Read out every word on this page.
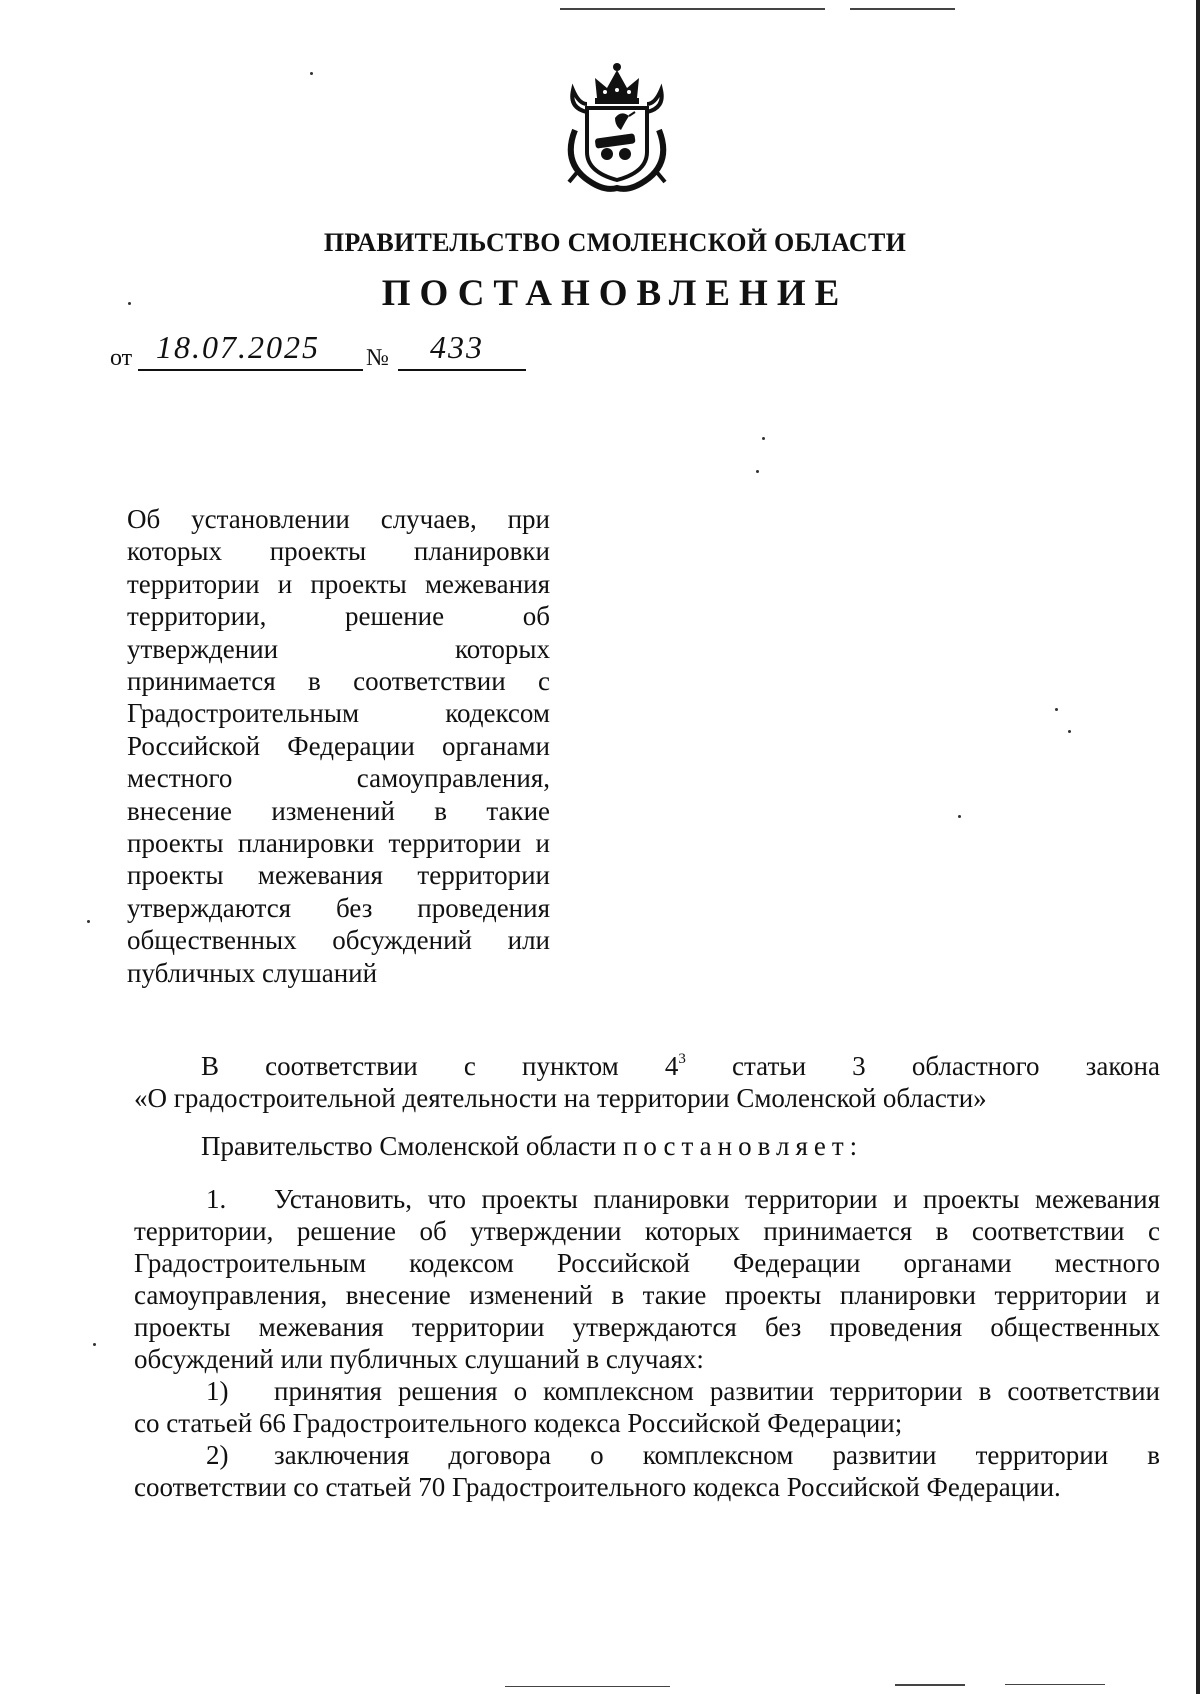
ПРАВИТЕЛЬСТВО СМОЛЕНСКОЙ ОБЛАСТИ
ПОСТАНОВЛЕНИЕ
от 18.07.2025 № 433
Об установлении случаев, при
которых проекты планировки
территории и проекты межевания
территории, решение об
утверждении которых
принимается в соответствии с
Градостроительным кодексом
Российской Федерации органами
местного самоуправления,
внесение изменений в такие
проекты планировки территории и
проекты межевания территории
утверждаются без проведения
общественных обсуждений или
публичных слушаний
В соответствии с пунктом $4^3$ статьи 3 областного закона
«О градостроительной деятельности на территории Смоленской области»
Правительство Смоленской области постановляет:
1. Установить, что проекты планировки территории и проекты межевания
территории, решение об утверждении которых принимается в соответствии с
Градостроительным кодексом Российской Федерации органами местного
самоуправления, внесение изменений в такие проекты планировки территории и
проекты межевания территории утверждаются без проведения общественных
обсуждений или публичных слушаний в случаях:
1) принятия решения о комплексном развитии территории в соответствии
со статьей 66 Градостроительного кодекса Российской Федерации;
2) заключения договора о комплексном развитии территории в
соответствии со статьей 70 Градостроительного кодекса Российской Федерации.
